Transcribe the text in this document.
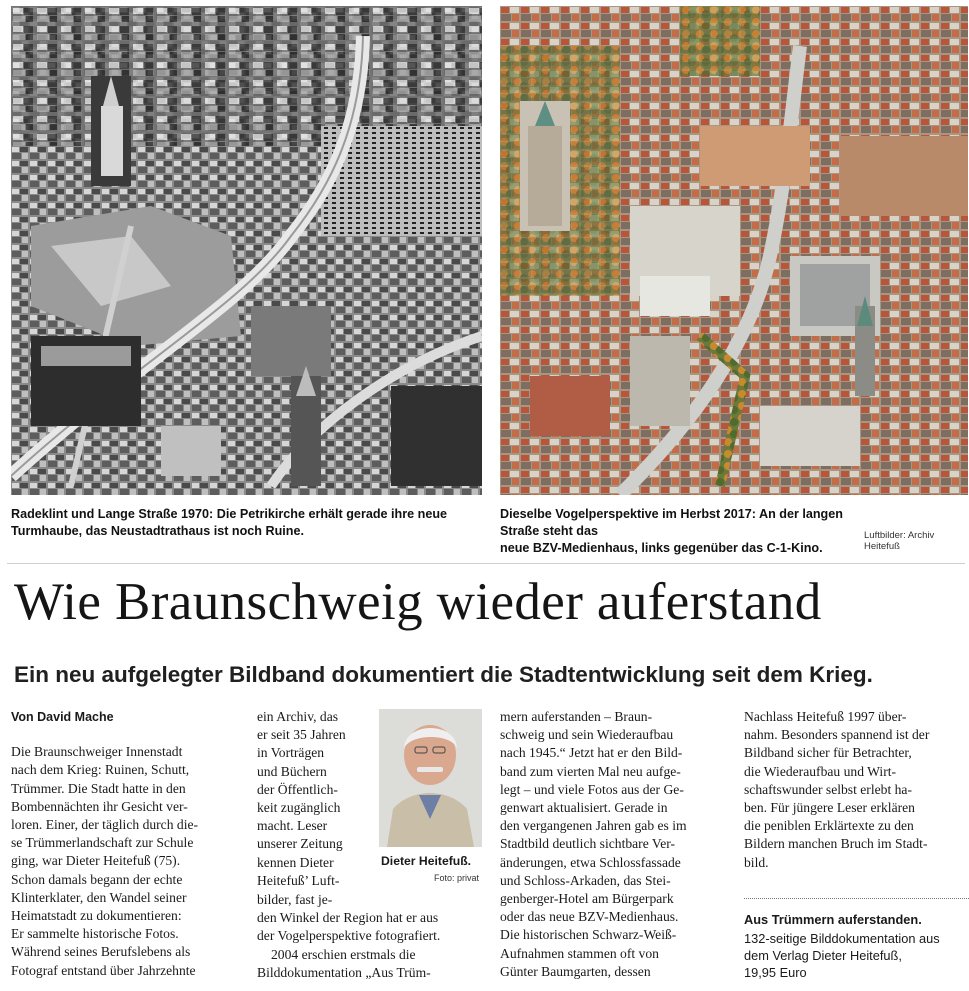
Radeklint und Lange Straße 1970: Die Petrikirche erhält gerade ihre neue
Turmhaube, das Neustadtrathaus ist noch Ruine.
Dieselbe Vogelperspektive im Herbst 2017: An der langen Straße steht das
neue BZV-Medienhaus, links gegenüber das C-1-Kino.
Luftbilder: Archiv Heitefuß
Wie Braunschweig wieder auferstand
Ein neu aufgelegter Bildband dokumentiert die Stadtentwicklung seit dem Krieg.
Von David Mache

Die Braunschweiger Innenstadt

nach dem Krieg: Ruinen, Schutt,

Trümmer. Die Stadt hatte in den

Bombennächten ihr Gesicht ver-

loren. Einer, der täglich durch die-

se Trümmerlandschaft zur Schule

ging, war Dieter Heitefuß (75).

Schon damals begann der echte

Klinterklater, den Wandel seiner

Heimatstadt zu dokumentieren:

Er sammelte historische Fotos.

Während seines Berufslebens als

Fotograf entstand über Jahrzehnte

ein Archiv, das

er seit 35 Jahren

in Vorträgen

und Büchern

der Öffentlich-

keit zugänglich

macht. Leser

unserer Zeitung

kennen Dieter

Heitefuß’ Luft-

bilder, fast je-

den Winkel der Region hat er aus

der Vogelperspektive fotografiert.

2004 erschien erstmals die

Bilddokumentation „Aus Trüm-

Dieter Heitefuß.
Foto: privat

mern auferstanden – Braun-

schweig und sein Wiederaufbau

nach 1945.“ Jetzt hat er den Bild-

band zum vierten Mal neu aufge-

legt – und viele Fotos aus der Ge-

genwart aktualisiert. Gerade in

den vergangenen Jahren gab es im

Stadtbild deutlich sichtbare Ver-

änderungen, etwa Schlossfassade

und Schloss-Arkaden, das Stei-

genberger-Hotel am Bürgerpark

oder das neue BZV-Medienhaus.

Die historischen Schwarz-Weiß-

Aufnahmen stammen oft von

Günter Baumgarten, dessen

Nachlass Heitefuß 1997 über-

nahm. Besonders spannend ist der

Bildband sicher für Betrachter,

die Wiederaufbau und Wirt-

schaftswunder selbst erlebt ha-

ben. Für jüngere Leser erklären

die peniblen Erklärtexte zu den

Bildern manchen Bruch im Stadt-

bild.

Aus Trümmern auferstanden.
132-seitige Bilddokumentation aus
dem Verlag Dieter Heitefuß,
19,95 Euro
